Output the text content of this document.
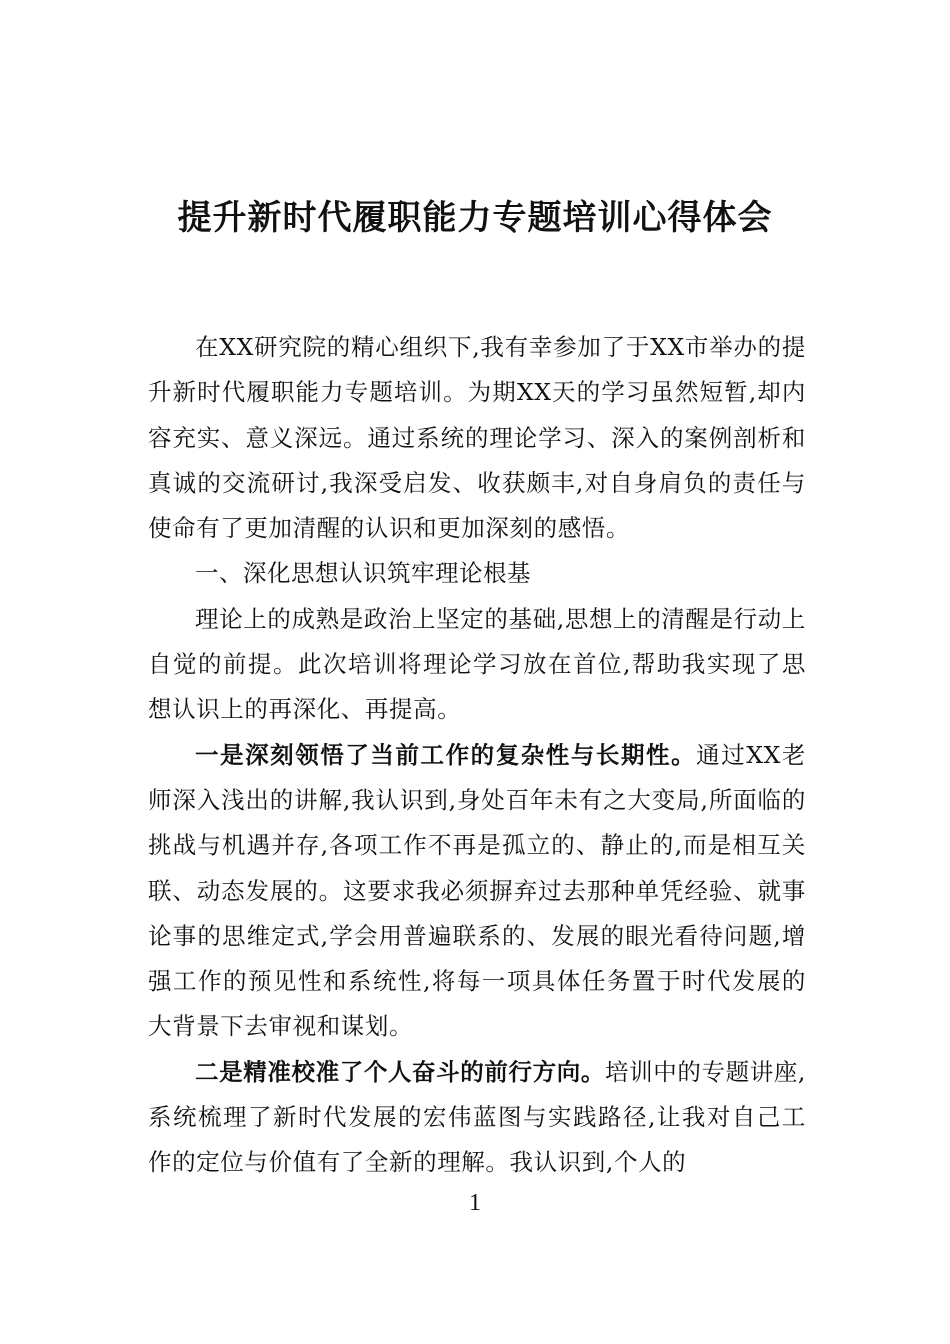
提升新时代履职能力专题培训心得体会

在XX研究院的精心组织下,我有幸参加了于XX市举办的提升新时代履职能力专题培训。为期XX天的学习虽然短暂,却内容充实、意义深远。通过系统的理论学习、深入的案例剖析和真诚的交流研讨,我深受启发、收获颇丰,对自身肩负的责任与使命有了更加清醒的认识和更加深刻的感悟。

一、深化思想认识筑牢理论根基

理论上的成熟是政治上坚定的基础,思想上的清醒是行动上自觉的前提。此次培训将理论学习放在首位,帮助我实现了思想认识上的再深化、再提高。

一是深刻领悟了当前工作的复杂性与长期性。通过XX老师深入浅出的讲解,我认识到,身处百年未有之大变局,所面临的挑战与机遇并存,各项工作不再是孤立的、静止的,而是相互关联、动态发展的。这要求我必须摒弃过去那种单凭经验、就事论事的思维定式,学会用普遍联系的、发展的眼光看待问题,增强工作的预见性和系统性,将每一项具体任务置于时代发展的大背景下去审视和谋划。

二是精准校准了个人奋斗的前行方向。培训中的专题讲座,系统梳理了新时代发展的宏伟蓝图与实践路径,让我对自己工作的定位与价值有了全新的理解。我认识到,个人的

1
